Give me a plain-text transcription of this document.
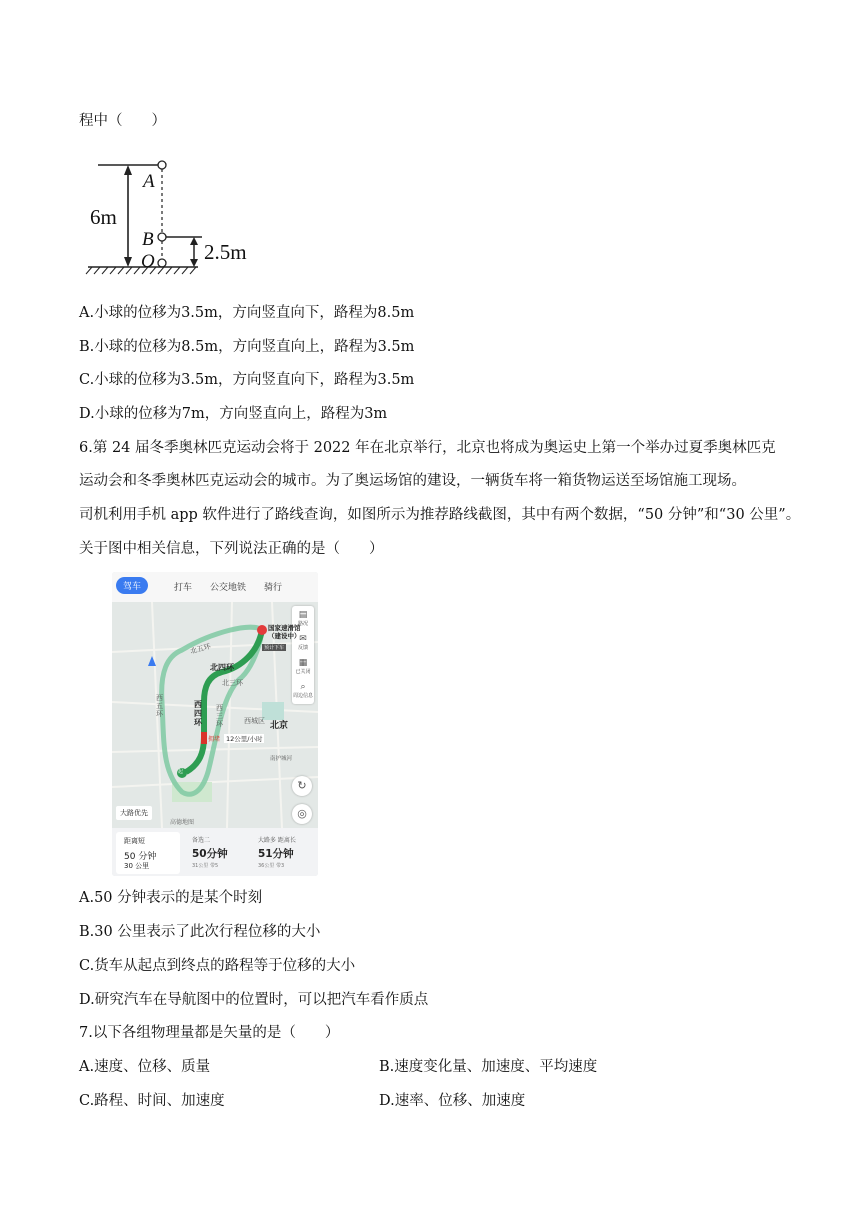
程中（　　）
6m
2.5m
A
B
O
A.小球的位移为3.5m，方向竖直向下，路程为8.5m
B.小球的位移为8.5m，方向竖直向上，路程为3.5m
C.小球的位移为3.5m，方向竖直向下，路程为3.5m
D.小球的位移为7m，方向竖直向上，路程为3m
6.第 24 届冬季奥林匹克运动会将于 2022 年在北京举行，北京也将成为奥运史上第一个举办过夏季奥林匹克
运动会和冬季奥林匹克运动会的城市。为了奥运场馆的建设，一辆货车将一箱货物运送至场馆施工现场。
司机利用手机 app 软件进行了路线查询，如图所示为推荐路线截图，其中有两个数据，“50 分钟”和“30 公里”。
关于图中相关信息，下列说法正确的是（　　）
驾车	打车 公交地铁 骑行
▤
路况
✉
反馈
▦
已关闭
⌕
周边信息
国家速滑馆（建设中）
预计下车
北五环
北四环
北三环
西五环
西四环
西三环	西城区 北京
南护城河
拥堵 12公里/小时
起
↻
◎
大路优先
高德地图
距离短
50 分钟
30 公里
备选二
50分钟
31公里 带5
大路多 距离长
51分钟
36公里 带3
A.50 分钟表示的是某个时刻
B.30 公里表示了此次行程位移的大小
C.货车从起点到终点的路程等于位移的大小
D.研究汽车在导航图中的位置时，可以把汽车看作质点
7.以下各组物理量都是矢量的是（　　）
A.速度、位移、质量	B.速度变化量、加速度、平均速度
C.路程、时间、加速度	D.速率、位移、加速度
